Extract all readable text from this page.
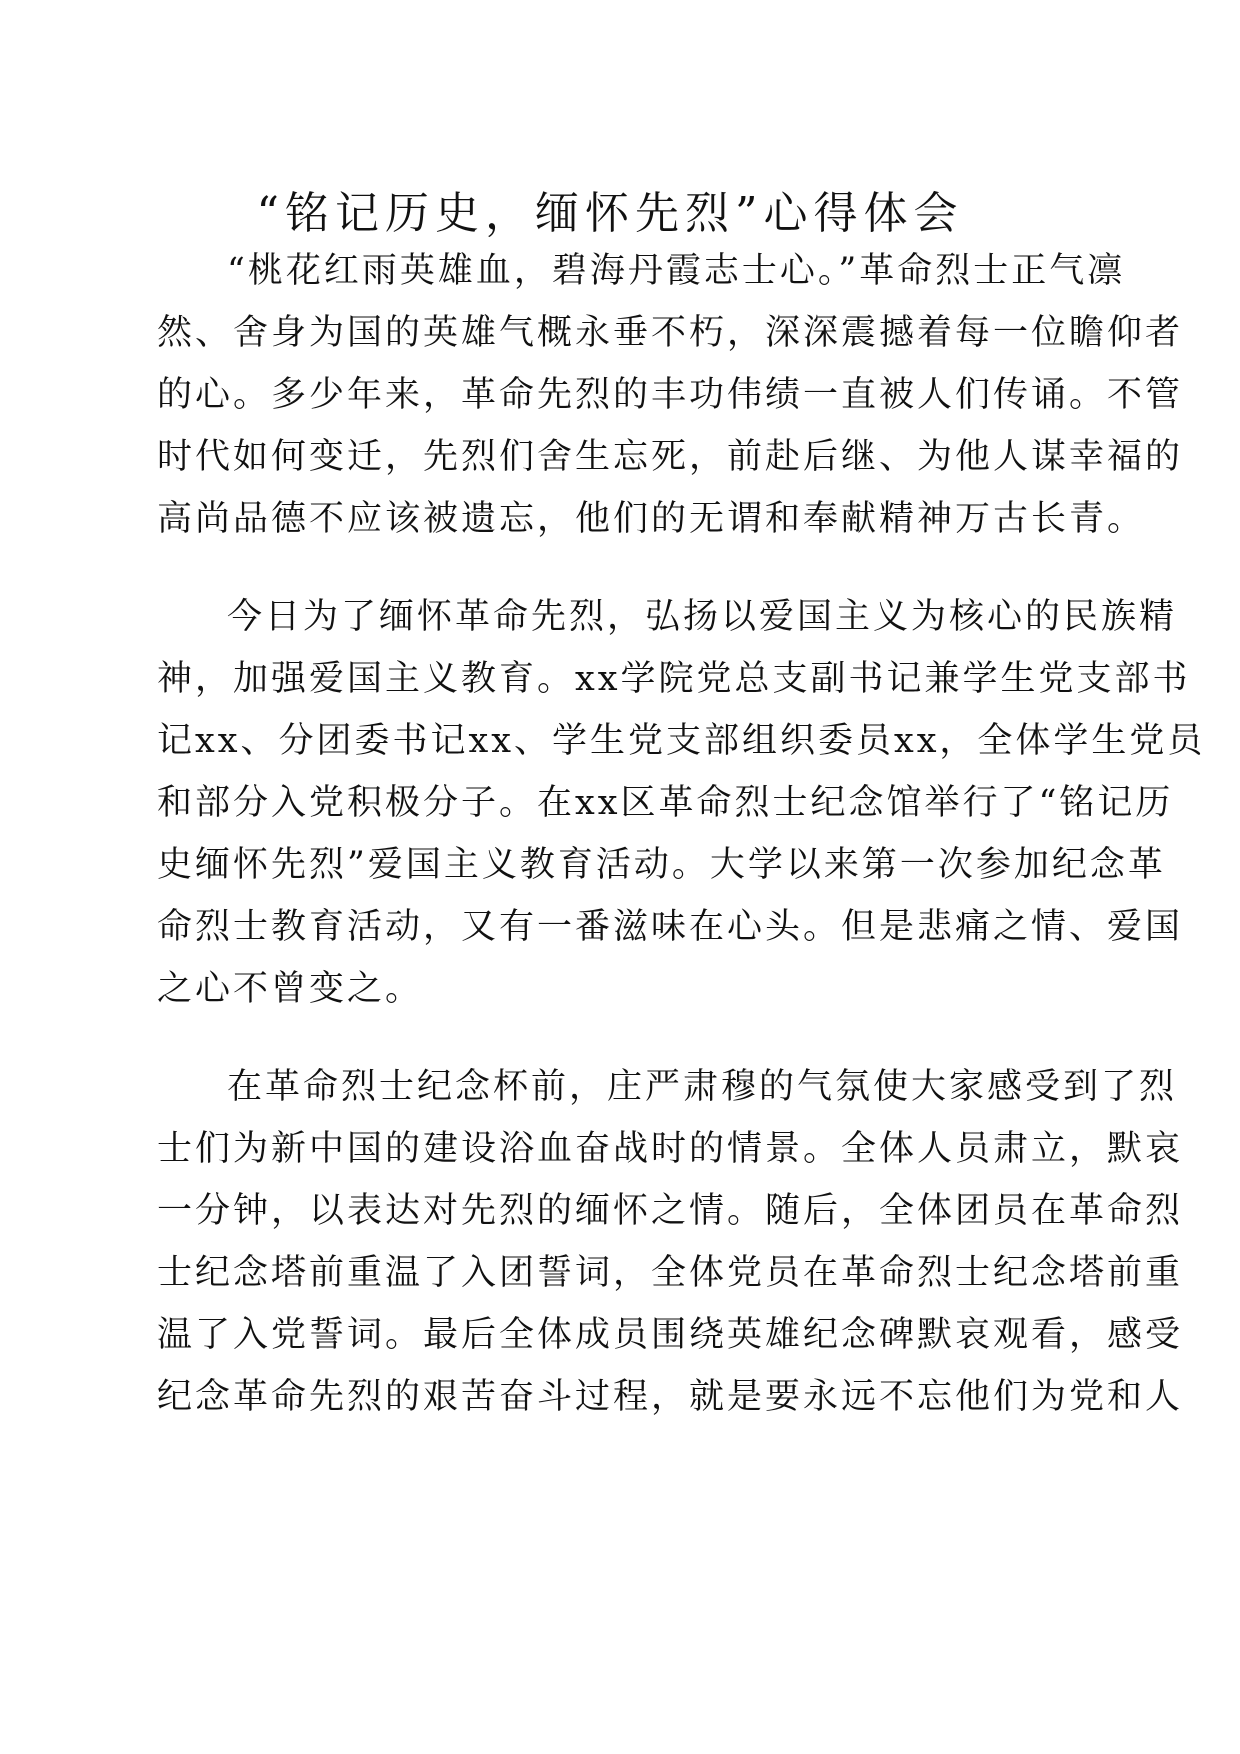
“铭记历史，缅怀先烈”心得体会

“桃花红雨英雄血，碧海丹霞志士心。”革命烈士正气凛
然、舍身为国的英雄气概永垂不朽，深深震撼着每一位瞻仰者
的心。多少年来，革命先烈的丰功伟绩一直被人们传诵。不管
时代如何变迁，先烈们舍生忘死，前赴后继、为他人谋幸福的
高尚品德不应该被遗忘，他们的无谓和奉献精神万古长青。

今日为了缅怀革命先烈，弘扬以爱国主义为核心的民族精
神，加强爱国主义教育。xx学院党总支副书记兼学生党支部书
记xx、分团委书记xx、学生党支部组织委员xx，全体学生党员
和部分入党积极分子。在xx区革命烈士纪念馆举行了“铭记历
史缅怀先烈”爱国主义教育活动。大学以来第一次参加纪念革
命烈士教育活动，又有一番滋味在心头。但是悲痛之情、爱国
之心不曾变之。

在革命烈士纪念杯前，庄严肃穆的气氛使大家感受到了烈
士们为新中国的建设浴血奋战时的情景。全体人员肃立，默哀
一分钟，以表达对先烈的缅怀之情。随后，全体团员在革命烈
士纪念塔前重温了入团誓词，全体党员在革命烈士纪念塔前重
温了入党誓词。最后全体成员围绕英雄纪念碑默哀观看，感受
纪念革命先烈的艰苦奋斗过程，就是要永远不忘他们为党和人
